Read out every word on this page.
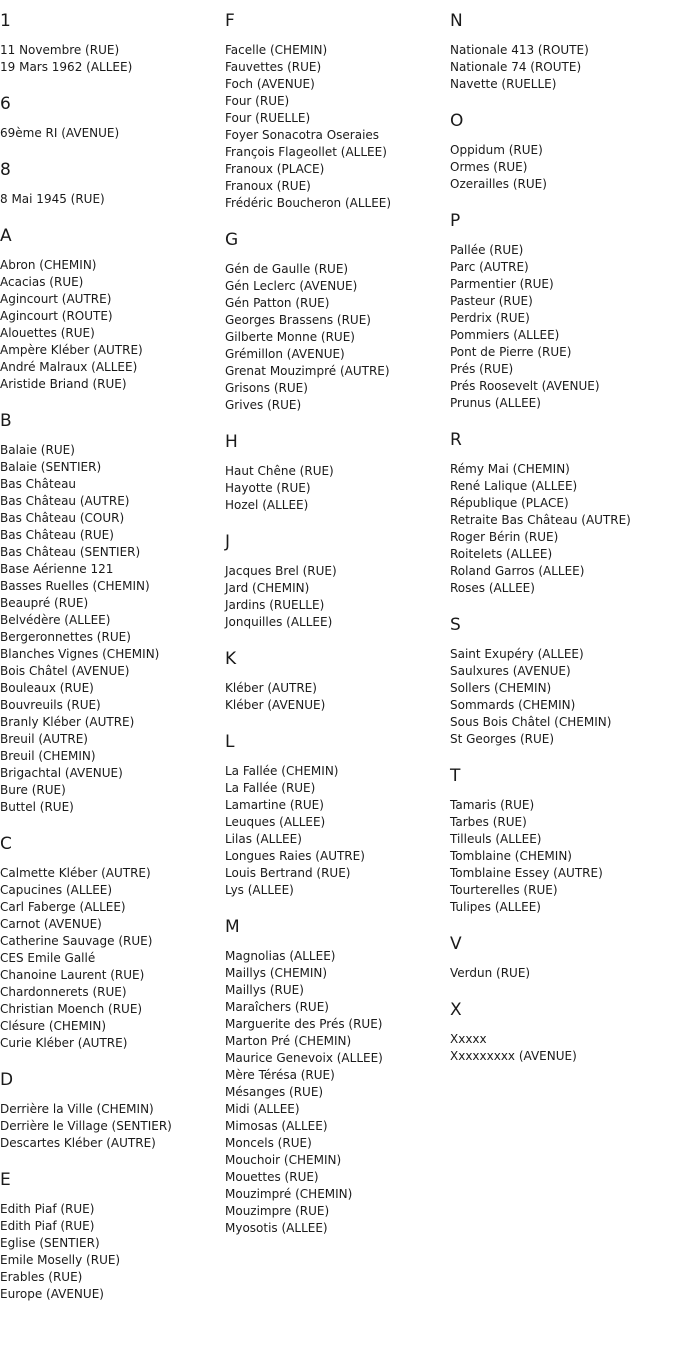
1
11 Novembre (RUE)
19 Mars 1962 (ALLEE)
6
69ème RI (AVENUE)
8
8 Mai 1945 (RUE)
A
Abron (CHEMIN)
Acacias (RUE)
Agincourt (AUTRE)
Agincourt (ROUTE)
Alouettes (RUE)
Ampère Kléber (AUTRE)
André Malraux (ALLEE)
Aristide Briand (RUE)
B
Balaie (RUE)
Balaie (SENTIER)
Bas Château
Bas Château (AUTRE)
Bas Château (COUR)
Bas Château (RUE)
Bas Château (SENTIER)
Base Aérienne 121
Basses Ruelles (CHEMIN)
Beaupré (RUE)
Belvédère (ALLEE)
Bergeronnettes (RUE)
Blanches Vignes (CHEMIN)
Bois Châtel (AVENUE)
Bouleaux (RUE)
Bouvreuils (RUE)
Branly Kléber (AUTRE)
Breuil (AUTRE)
Breuil (CHEMIN)
Brigachtal (AVENUE)
Bure (RUE)
Buttel (RUE)
C
Calmette Kléber (AUTRE)
Capucines (ALLEE)
Carl Faberge (ALLEE)
Carnot (AVENUE)
Catherine Sauvage (RUE)
CES Emile Gallé
Chanoine Laurent (RUE)
Chardonnerets (RUE)
Christian Moench (RUE)
Clésure (CHEMIN)
Curie Kléber (AUTRE)
D
Derrière la Ville (CHEMIN)
Derrière le Village (SENTIER)
Descartes Kléber (AUTRE)
E
Edith Piaf (RUE)
Edith Piaf (RUE)
Eglise (SENTIER)
Emile Moselly (RUE)
Erables (RUE)
Europe (AVENUE)
F
Facelle (CHEMIN)
Fauvettes (RUE)
Foch (AVENUE)
Four (RUE)
Four (RUELLE)
Foyer Sonacotra Oseraies
François Flageollet (ALLEE)
Franoux (PLACE)
Franoux (RUE)
Frédéric Boucheron (ALLEE)
G
Gén de Gaulle (RUE)
Gén Leclerc (AVENUE)
Gén Patton (RUE)
Georges Brassens (RUE)
Gilberte Monne (RUE)
Grémillon (AVENUE)
Grenat Mouzimpré (AUTRE)
Grisons (RUE)
Grives (RUE)
H
Haut Chêne (RUE)
Hayotte (RUE)
Hozel (ALLEE)
J
Jacques Brel (RUE)
Jard (CHEMIN)
Jardins (RUELLE)
Jonquilles (ALLEE)
K
Kléber (AUTRE)
Kléber (AVENUE)
L
La Fallée (CHEMIN)
La Fallée (RUE)
Lamartine (RUE)
Leuques (ALLEE)
Lilas (ALLEE)
Longues Raies (AUTRE)
Louis Bertrand (RUE)
Lys (ALLEE)
M
Magnolias (ALLEE)
Maillys (CHEMIN)
Maillys (RUE)
Maraîchers (RUE)
Marguerite des Prés (RUE)
Marton Pré (CHEMIN)
Maurice Genevoix (ALLEE)
Mère Térésa (RUE)
Mésanges (RUE)
Midi (ALLEE)
Mimosas (ALLEE)
Moncels (RUE)
Mouchoir (CHEMIN)
Mouettes (RUE)
Mouzimpré (CHEMIN)
Mouzimpre (RUE)
Myosotis (ALLEE)
N
Nationale 413 (ROUTE)
Nationale 74 (ROUTE)
Navette (RUELLE)
O
Oppidum (RUE)
Ormes (RUE)
Ozerailles (RUE)
P
Pallée (RUE)
Parc (AUTRE)
Parmentier (RUE)
Pasteur (RUE)
Perdrix (RUE)
Pommiers (ALLEE)
Pont de Pierre (RUE)
Prés (RUE)
Prés Roosevelt (AVENUE)
Prunus (ALLEE)
R
Rémy Mai (CHEMIN)
René Lalique (ALLEE)
République (PLACE)
Retraite Bas Château (AUTRE)
Roger Bérin (RUE)
Roitelets (ALLEE)
Roland Garros (ALLEE)
Roses (ALLEE)
S
Saint Exupéry (ALLEE)
Saulxures (AVENUE)
Sollers (CHEMIN)
Sommards (CHEMIN)
Sous Bois Châtel (CHEMIN)
St Georges (RUE)
T
Tamaris (RUE)
Tarbes (RUE)
Tilleuls (ALLEE)
Tomblaine (CHEMIN)
Tomblaine Essey (AUTRE)
Tourterelles (RUE)
Tulipes (ALLEE)
V
Verdun (RUE)
X
Xxxxx
Xxxxxxxxx (AVENUE)
